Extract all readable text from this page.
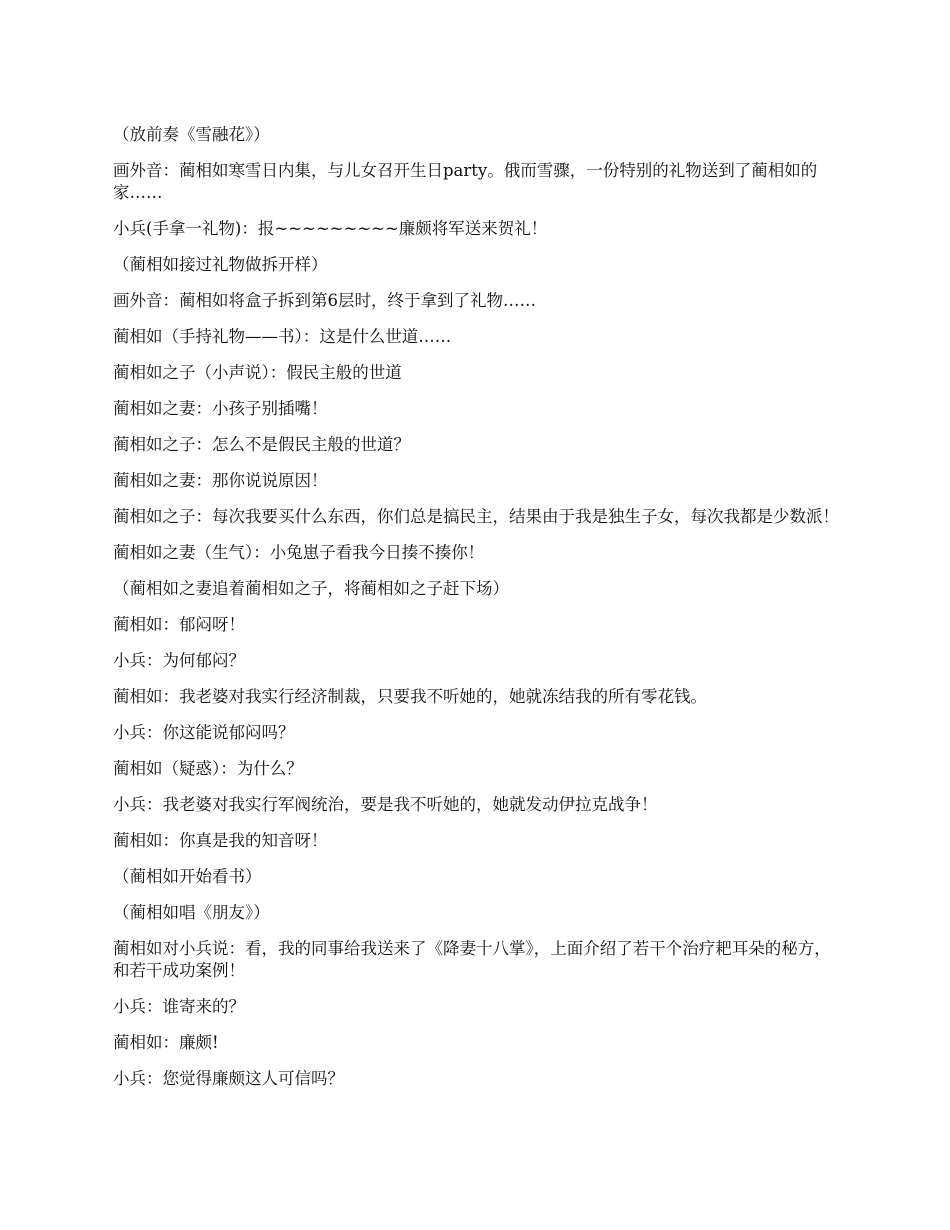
（放前奏《雪融花》）

画外音：蔺相如寒雪日内集，与儿女召开生日party。俄而雪骤，一份特别的礼物送到了蔺相如的家……

小兵(手拿一礼物)：报~~~~~~~~~廉颇将军送来贺礼！

（蔺相如接过礼物做拆开样）

画外音：蔺相如将盒子拆到第6层时，终于拿到了礼物……

蔺相如（手持礼物——书）：这是什么世道……

蔺相如之子（小声说）：假民主般的世道

蔺相如之妻：小孩子别插嘴！

蔺相如之子：怎么不是假民主般的世道？

蔺相如之妻：那你说说原因！

蔺相如之子：每次我要买什么东西，你们总是搞民主，结果由于我是独生子女，每次我都是少数派！

蔺相如之妻（生气）：小兔崽子看我今日揍不揍你！

（蔺相如之妻追着蔺相如之子，将蔺相如之子赶下场）

蔺相如：郁闷呀！

小兵：为何郁闷？

蔺相如：我老婆对我实行经济制裁，只要我不听她的，她就冻结我的所有零花钱。

小兵：你这能说郁闷吗？

蔺相如（疑惑）：为什么？

小兵：我老婆对我实行军阀统治，要是我不听她的，她就发动伊拉克战争！

蔺相如：你真是我的知音呀！

（蔺相如开始看书）

（蔺相如唱《朋友》）

蔺相如对小兵说：看，我的同事给我送来了《降妻十八掌》，上面介绍了若干个治疗耙耳朵的秘方，和若干成功案例！

小兵：谁寄来的？

蔺相如：廉颇!

小兵：您觉得廉颇这人可信吗？
